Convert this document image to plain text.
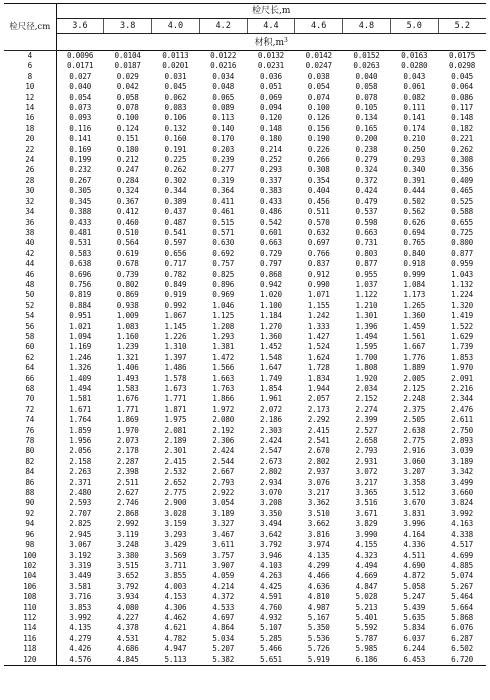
检尺径,cm	检尺长,m								
	3.6	3.8	4.0	4.2	4.4	4.6	4.8	5.0	5.2
	材积$,m^3$
4	0.0096	0.0104	0.0113	0.0122	0.0132	0.0142	0.0152	0.0163	0.0175
6	0.0171	0.0187	0.0201	0.0216	0.0231	0.0247	0.0263	0.0280	0.0298
8	0.027	0.029	0.031	0.034	0.036	0.038	0.040	0.043	0.045
10	0.040	0.042	0.045	0.048	0.051	0.054	0.058	0.061	0.064
12	0.054	0.058	0.062	0.065	0.069	0.074	0.078	0.082	0.086
14	0.073	0.078	0.083	0.089	0.094	0.100	0.105	0.111	0.117
16	0.093	0.100	0.106	0.113	0.120	0.126	0.134	0.141	0.148
18	0.116	0.124	0.132	0.140	0.148	0.156	0.165	0.174	0.182
20	0.141	0.151	0.160	0.170	0.180	0.190	0.200	0.210	0.221
22	0.169	0.180	0.191	0.203	0.214	0.226	0.238	0.250	0.262
24	0.199	0.212	0.225	0.239	0.252	0.266	0.279	0.293	0.308
26	0.232	0.247	0.262	0.277	0.293	0.308	0.324	0.340	0.356
28	0.267	0.284	0.302	0.319	0.337	0.354	0.372	0.391	0.409
30	0.305	0.324	0.344	0.364	0.383	0.404	0.424	0.444	0.465
32	0.345	0.367	0.389	0.411	0.433	0.456	0.479	0.502	0.525
34	0.388	0.412	0.437	0.461	0.486	0.511	0.537	0.562	0.588
36	0.433	0.460	0.487	0.515	0.542	0.570	0.598	0.626	0.655
38	0.481	0.510	0.541	0.571	0.601	0.632	0.663	0.694	0.725
40	0.531	0.564	0.597	0.630	0.663	0.697	0.731	0.765	0.800
42	0.583	0.619	0.656	0.692	0.729	0.766	0.803	0.840	0.877
44	0.638	0.678	0.717	0.757	0.797	0.837	0.877	0.918	0.959
46	0.696	0.739	0.782	0.825	0.868	0.912	0.955	0.999	1.043
48	0.756	0.802	0.849	0.896	0.942	0.990	1.037	1.084	1.132
50	0.819	0.869	0.919	0.969	1.020	1.071	1.122	1.173	1.224
52	0.884	0.938	0.992	1.046	1.100	1.155	1.210	1.265	1.320
54	0.951	1.009	1.067	1.125	1.184	1.242	1.301	1.360	1.419
56	1.021	1.083	1.145	1.208	1.270	1.333	1.396	1.459	1.522
58	1.094	1.160	1.226	1.293	1.360	1.427	1.494	1.561	1.629
60	1.169	1.239	1.310	1.381	1.452	1.524	1.595	1.667	1.739
62	1.246	1.321	1.397	1.472	1.548	1.624	1.700	1.776	1.853
64	1.326	1.406	1.486	1.566	1.647	1.728	1.808	1.889	1.970
66	1.409	1.493	1.578	1.663	1.749	1.834	1.920	2.005	2.091
68	1.494	1.583	1.673	1.763	1.854	1.944	2.034	2.125	2.216
70	1.581	1.676	1.771	1.866	1.961	2.057	2.152	2.248	2.344
72	1.671	1.771	1.871	1.972	2.072	2.173	2.274	2.375	2.476
74	1.764	1.869	1.975	2.080	2.186	2.292	2.399	2.505	2.611
76	1.859	1.970	2.081	2.192	2.303	2.415	2.527	2.638	2.750
78	1.956	2.073	2.189	2.306	2.424	2.541	2.658	2.775	2.893
80	2.056	2.178	2.301	2.424	2.547	2.670	2.793	2.916	3.039
82	2.158	2.287	2.415	2.544	2.673	2.802	2.931	3.060	3.189
84	2.263	2.398	2.532	2.667	2.802	2.937	3.072	3.207	3.342
86	2.371	2.511	2.652	2.793	2.934	3.076	3.217	3.358	3.499
88	2.480	2.627	2.775	2.922	3.070	3.217	3.365	3.512	3.660
90	2.593	2.746	2.900	3.054	3.208	3.362	3.516	3.670	3.824
92	2.707	2.868	3.028	3.189	3.350	3.510	3.671	3.831	3.992
94	2.825	2.992	3.159	3.327	3.494	3.662	3.829	3.996	4.163
96	2.945	3.119	3.293	3.467	3.642	3.816	3.990	4.164	4.338
98	3.067	3.248	3.429	3.611	3.792	3.974	4.155	4.336	4.517
100	3.192	3.380	3.569	3.757	3.946	4.135	4.323	4.511	4.699
102	3.319	3.515	3.711	3.907	4.103	4.299	4.494	4.690	4.885
104	3.449	3.652	3.855	4.059	4.263	4.466	4.669	4.872	5.074
106	3.581	3.792	4.003	4.214	4.425	4.636	4.847	5.058	5.267
108	3.716	3.934	4.153	4.372	4.591	4.810	5.028	5.247	5.464
110	3.853	4.080	4.306	4.533	4.760	4.987	5.213	5.439	5.664
112	3.992	4.227	4.462	4.697	4.932	5.167	5.401	5.635	5.868
114	4.135	4.378	4.621	4.864	5.107	5.350	5.592	5.834	6.076
116	4.279	4.531	4.782	5.034	5.285	5.536	5.787	6.037	6.287
118	4.426	4.686	4.947	5.207	5.466	5.726	5.985	6.244	6.502
120	4.576	4.845	5.113	5.382	5.651	5.919	6.186	6.453	6.720
